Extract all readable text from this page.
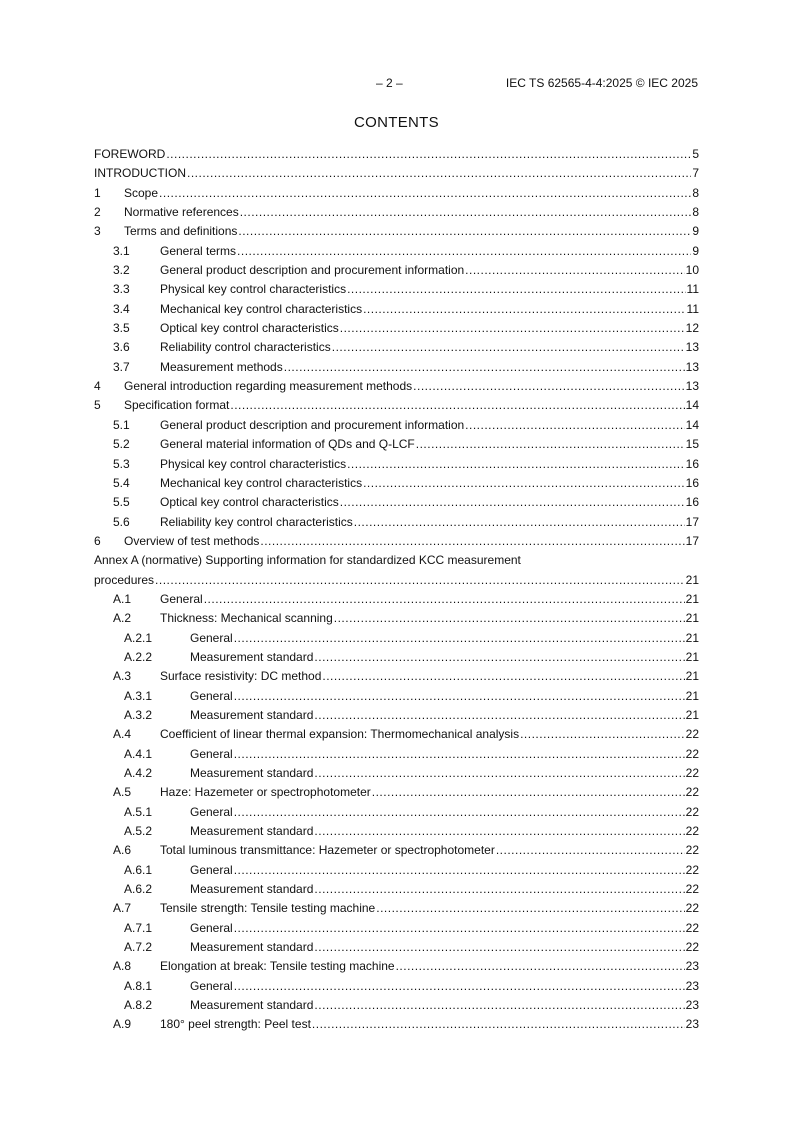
– 2 –	IEC TS 62565-4-4:2025 © IEC 2025
CONTENTS
FOREWORD .....	5
INTRODUCTION .....	7
1	Scope .....	8
2	Normative references .....	8
3	Terms and definitions .....	9
3.1	General terms .....	9
3.2	General product description and procurement information .....	10
3.3	Physical key control characteristics .....	11
3.4	Mechanical key control characteristics .....	11
3.5	Optical key control characteristics .....	12
3.6	Reliability control characteristics .....	13
3.7	Measurement methods .....	13
4	General introduction regarding measurement methods .....	13
5	Specification format .....	14
5.1	General product description and procurement information .....	14
5.2	General material information of QDs and Q-LCF .....	15
5.3	Physical key control characteristics .....	16
5.4	Mechanical key control characteristics .....	16
5.5	Optical key control characteristics .....	16
5.6	Reliability key control characteristics .....	17
6	Overview of test methods .....	17
Annex A (normative) Supporting information for standardized KCC measurement
procedures .....	21
A.1	General .....	21
A.2	Thickness: Mechanical scanning .....	21
A.2.1	General .....	21
A.2.2	Measurement standard .....	21
A.3	Surface resistivity: DC method .....	21
A.3.1	General .....	21
A.3.2	Measurement standard .....	21
A.4	Coefficient of linear thermal expansion: Thermomechanical analysis .....	22
A.4.1	General .....	22
A.4.2	Measurement standard .....	22
A.5	Haze: Hazemeter or spectrophotometer .....	22
A.5.1	General .....	22
A.5.2	Measurement standard .....	22
A.6	Total luminous transmittance: Hazemeter or spectrophotometer .....	22
A.6.1	General .....	22
A.6.2	Measurement standard .....	22
A.7	Tensile strength: Tensile testing machine .....	22
A.7.1	General .....	22
A.7.2	Measurement standard .....	22
A.8	Elongation at break: Tensile testing machine .....	23
A.8.1	General .....	23
A.8.2	Measurement standard .....	23
A.9	180° peel strength: Peel test .....	23
